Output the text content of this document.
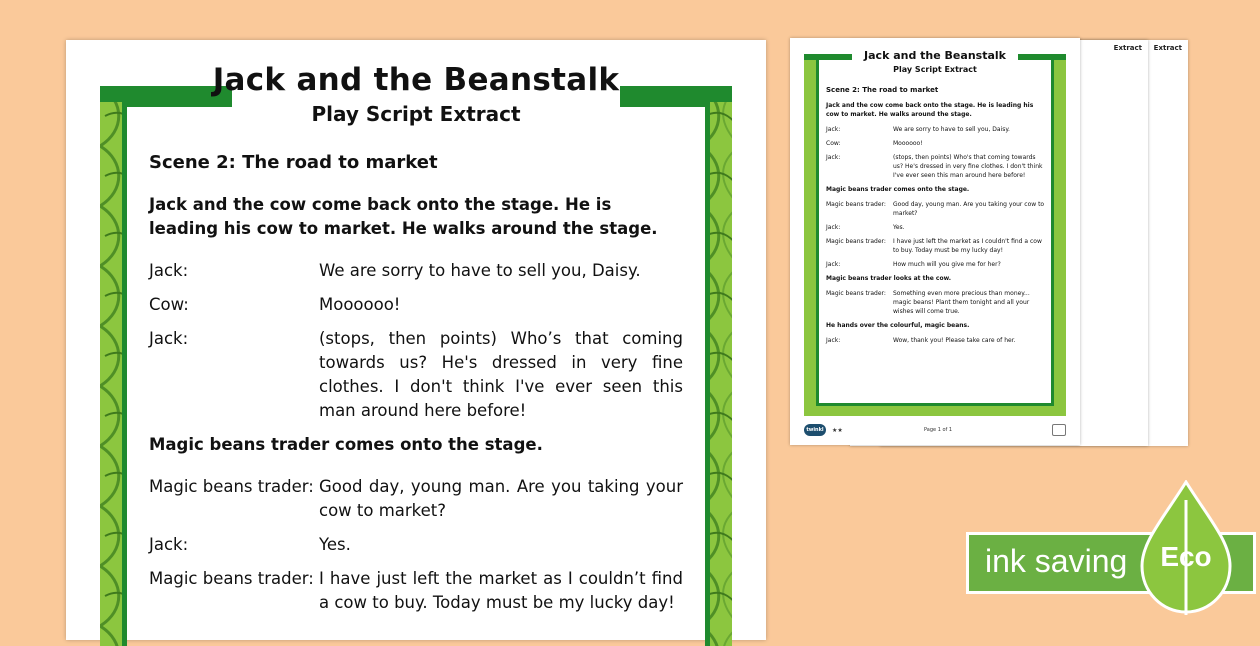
Jack and the Beanstalk
Play Script Extract
Scene 2: The road to market
Jack and the cow come back onto the stage. He is leading his cow to market. He walks around the stage.
Jack:	We are sorry to have to sell you, Daisy.
Cow:	Moooooo!
Jack:	(stops, then points) Who’s that coming towards us? He's dressed in very fine clothes. I don't think I've ever seen this man around here before!
Magic beans trader comes onto the stage.
Magic beans trader: Good day, young man. Are you taking your cow to market?
Jack:	Yes.
Magic beans trader: I have just left the market as I couldn’t find a cow to buy. Today must be my lucky day!
Extract
Extract
Jack and the Beanstalk
Play Script Extract
Scene 2: The road to market
Jack and the cow come back onto the stage. He is leading his cow to market. He walks around the stage.
Jack:	We are sorry to have to sell you, Daisy.
Cow:	Moooooo!
Jack:	(stops, then points) Who's that coming towards us? He's dressed in very fine clothes. I don't think I've ever seen this man around here before!
Magic beans trader comes onto the stage.
Magic beans trader:	Good day, young man. Are you taking your cow to market?
Jack:	Yes.
Magic beans trader:	I have just left the market as I couldn't find a cow to buy. Today must be my lucky day!
Jack:	How much will you give me for her?
Magic beans trader looks at the cow.
Magic beans trader:	Something even more precious than money... magic beans! Plant them tonight and all your wishes will come true.
He hands over the colourful, magic beans.
Jack:	Wow, thank you! Please take care of her.
twinkl	★★	Page 1 of 1
ink saving	Eco
